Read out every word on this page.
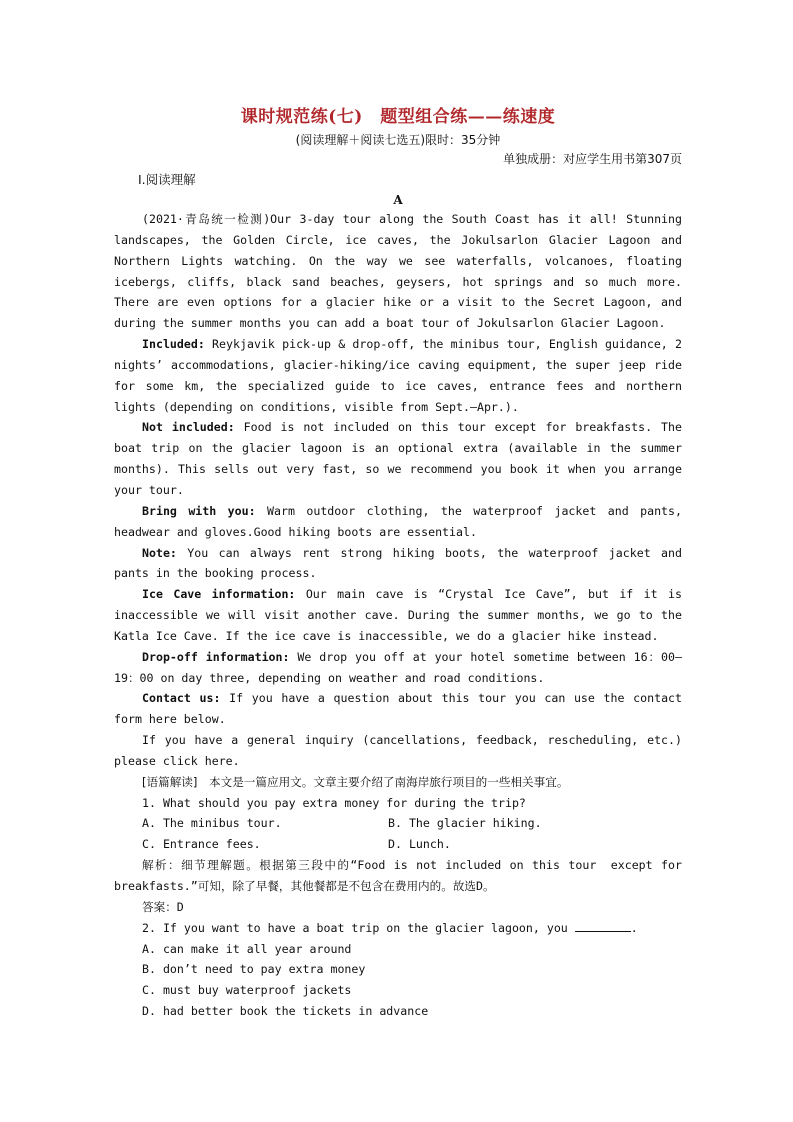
课时规范练(七)　题型组合练——练速度
(阅读理解＋阅读七选五)限时：35分钟
单独成册：对应学生用书第307页
Ⅰ.阅读理解
A

(2021·青岛统一检测)Our 3-day tour along the South Coast has it all! Stunning landscapes, the Golden Circle, ice caves, the Jokulsarlon Glacier Lagoon and Northern Lights watching. On the way we see waterfalls, volcanoes, floating icebergs, cliffs, black sand beaches, geysers, hot springs and so much more. There are even options for a glacier hike or a visit to the Secret Lagoon, and during the summer months you can add a boat tour of Jokulsarlon Glacier Lagoon.

Included: Reykjavik pick-up & drop-off, the minibus tour, English guidance, 2 nights’ accommodations, glacier-hiking/ice caving equipment, the super jeep ride for some km, the specialized guide to ice caves, entrance fees and northern lights (depending on conditions, visible from Sept.—Apr.).

Not included: Food is not included on this tour except for breakfasts. The boat trip on the glacier lagoon is an optional extra (available in the summer months). This sells out very fast, so we recommend you book it when you arrange your tour.

Bring with you: Warm outdoor clothing, the waterproof jacket and pants, headwear and gloves.Good hiking boots are essential.

Note: You can always rent strong hiking boots, the waterproof jacket and pants in the booking process.

Ice Cave information: Our main cave is “Crystal Ice Cave”, but if it is inaccessible we will visit another cave. During the summer months, we go to the Katla Ice Cave. If the ice cave is inaccessible, we do a glacier hike instead.

Drop-off information: We drop you off at your hotel sometime between 16：00—19：00 on day three, depending on weather and road conditions.

Contact us: If you have a question about this tour you can use the contact form here below.

If you have a general inquiry (cancellations, feedback, rescheduling, etc.) please click here.

[语篇解读]　本文是一篇应用文。文章主要介绍了南海岸旅行项目的一些相关事宜。

1. What should you pay extra money for during the trip?
A. The minibus tour.	B. The glacier hiking.
C. Entrance fees.	D. Lunch.

解析：细节理解题。根据第三段中的“Food is not included on this tour　except for breakfasts.”可知，除了早餐，其他餐都是不包含在费用内的。故选D。

答案：D
2. If you want to have a boat trip on the glacier lagoon, you	.
A. can make it all year around
B. don’t need to pay extra money
C. must buy waterproof jackets
D. had better book the tickets in advance
